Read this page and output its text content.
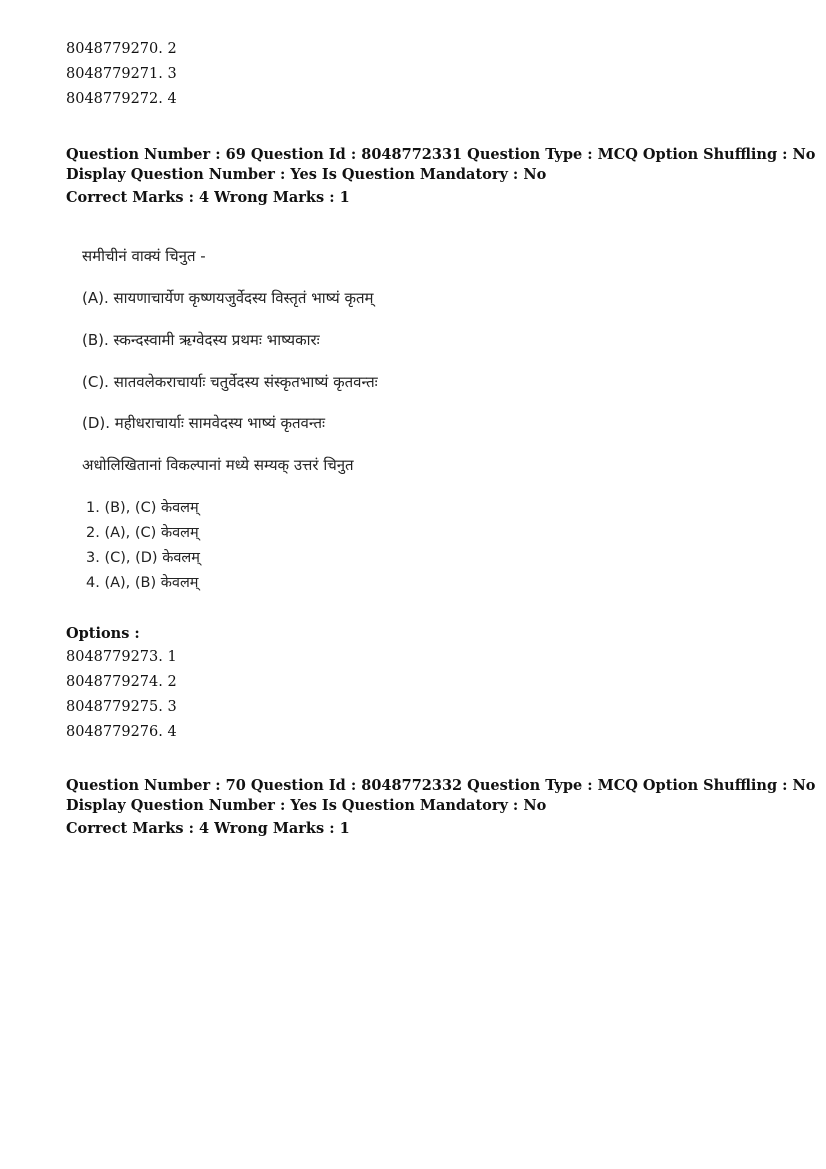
8048779270. 2
8048779271. 3
8048779272. 4
Question Number : 69 Question Id : 8048772331 Question Type : MCQ Option Shuffling : No
Display Question Number : Yes Is Question Mandatory : No
Correct Marks : 4 Wrong Marks : 1
समीचीनं वाक्यं चिनुत -
(A). सायणाचार्येण कृष्णयजुर्वेदस्य विस्तृतं भाष्यं कृतम्
(B). स्कन्दस्वामी ऋग्वेदस्य प्रथमः भाष्यकारः
(C). सातवलेकराचार्याः चतुर्वेदस्य संस्कृतभाष्यं कृतवन्तः
(D). महीधराचार्याः सामवेदस्य भाष्यं कृतवन्तः
अधोलिखितानां विकल्पानां मध्ये सम्यक् उत्तरं चिनुत
1. (B), (C) केवलम्
2. (A), (C) केवलम्
3. (C), (D) केवलम्
4. (A), (B) केवलम्
Options :
8048779273. 1
8048779274. 2
8048779275. 3
8048779276. 4
Question Number : 70 Question Id : 8048772332 Question Type : MCQ Option Shuffling : No
Display Question Number : Yes Is Question Mandatory : No
Correct Marks : 4 Wrong Marks : 1
